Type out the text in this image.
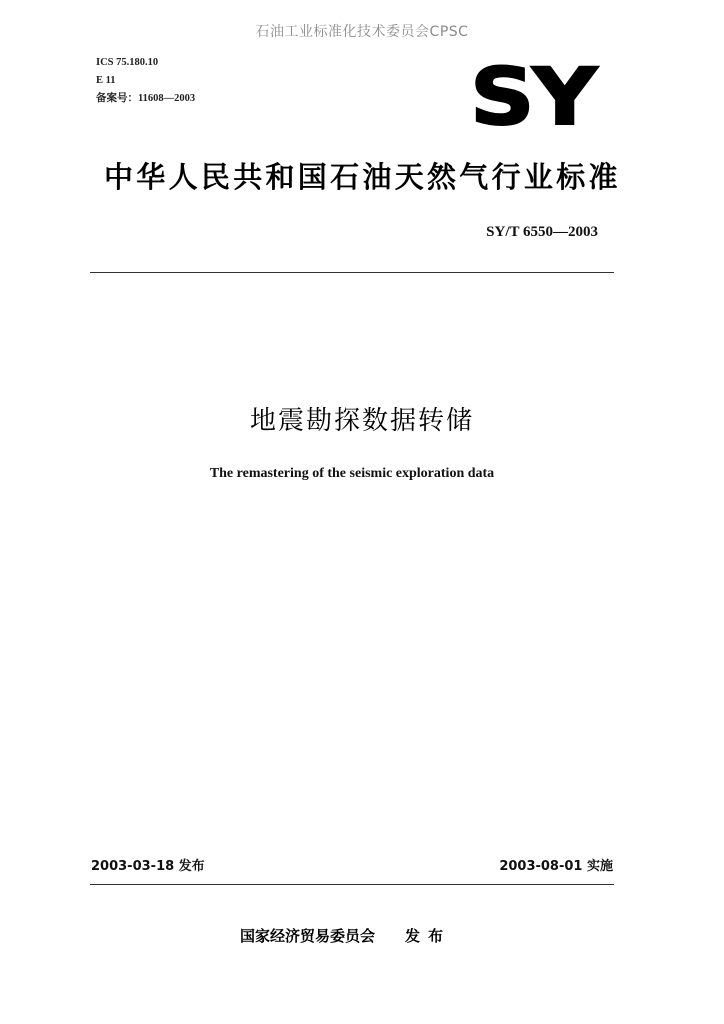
石油工业标准化技术委员会CPSC
ICS 75.180.10
E 11
备案号：11608—2003	SY
中华人民共和国石油天然气行业标准
SY/T 6550—2003
地震勘探数据转储
The remastering of the seismic exploration data
2003-03-18 发布	2003-08-01 实施
国家经济贸易委员会 发布
